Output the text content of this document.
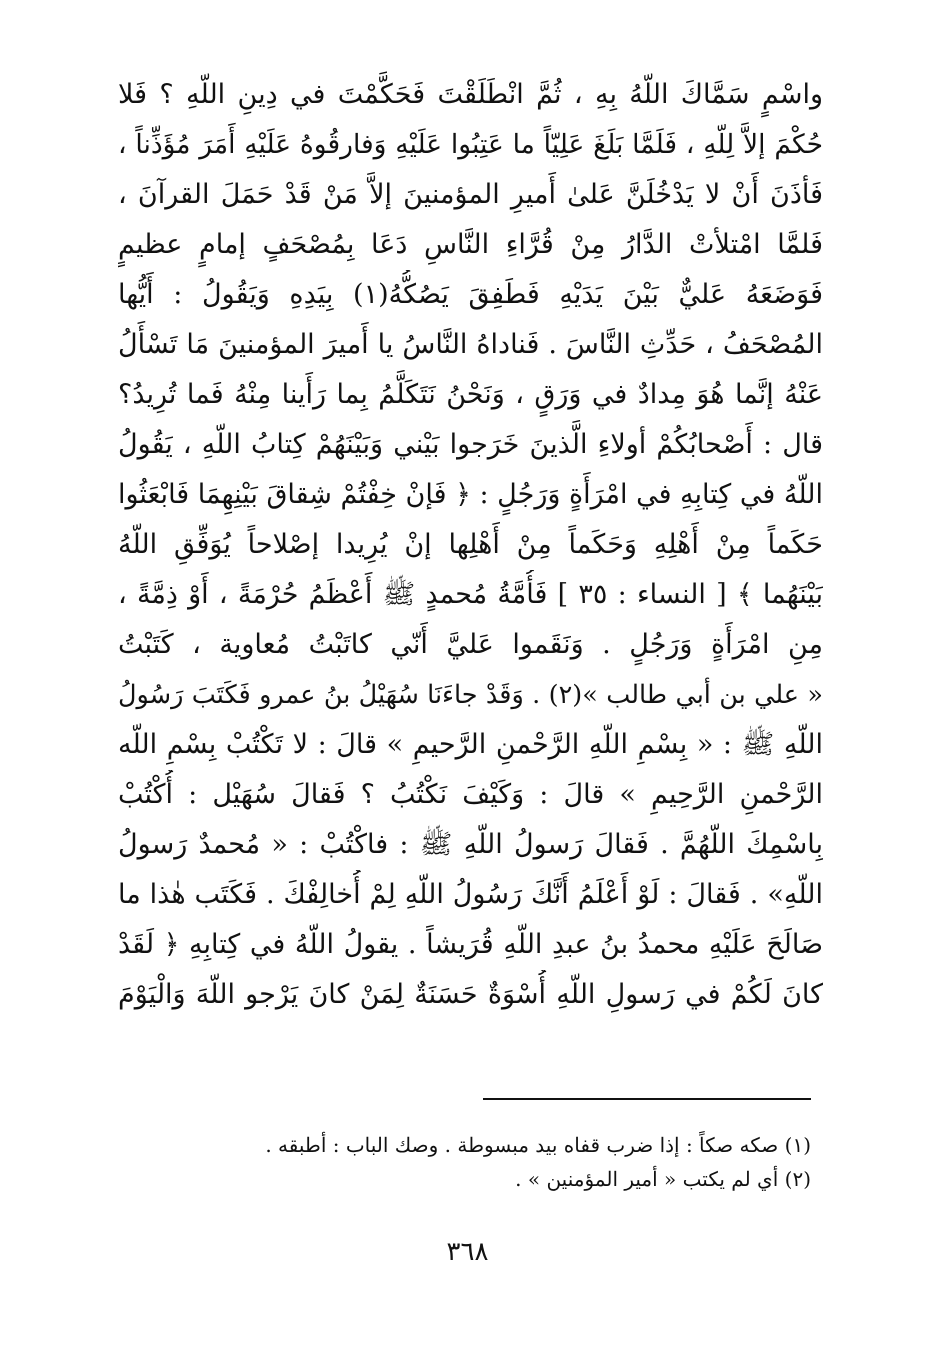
واسْمٍ سَمَّاكَ اللّهُ بِهِ ، ثُمَّ انْطَلَقْتَ فَحَكَّمْتَ في دِينِ اللّهِ ؟ فَلا
حُكْمَ إلاَّ لِلّهِ ، فَلَمَّا بَلَغَ عَلِيّاً ما عَتِبُوا عَلَيْهِ وَفارقُوهُ عَلَيْهِ أَمَرَ مُؤَذِّناً ،
فَأذَنَ أَنْ لا يَدْخُلَنَّ عَلىٰ أَميرِ المؤمنينَ إلاَّ مَنْ قَدْ حَمَلَ القرآنَ ،
فَلمَّا امْتلأتْ الدَّارُ مِنْ قُرَّاءِ النَّاسِ دَعَا بِمُصْحَفٍ إمامٍ عظيمٍ
فَوَضَعَهُ عَليٌّ بَيْنَ يَدَيْهِ فَطَفِقَ يَصُكُّهُ(١) بِيَدِهِ وَيَقُولُ : أَيُّها
المُصْحَفُ ، حَدِّثِ النَّاسَ . فَناداهُ النَّاسُ يا أَميرَ المؤمنينَ مَا تَسْأَلُ
عَنْهُ إنَّما هُوَ مِدادٌ في وَرَقٍ ، وَنَحْنُ نَتَكَلَّمُ بِما رَأَينا مِنْهُ فَما تُرِيدُ؟
قال : أَصْحابُكُمْ أولاءِ الَّذينَ خَرَجوا بَيْني وَبَيْنَهُمْ كِتابُ اللّهِ ، يَقُولُ
اللّهُ في كِتابِهِ في امْرَأَةٍ وَرَجُلٍ : ﴿ فَإنْ خِفْتُمْ شِقاقَ بَيْنِهِمَا فَابْعَثُوا
حَكَماً مِنْ أَهْلِهِ وَحَكَماً مِنْ أَهْلِها إنْ يُرِيدا إصْلاحاً يُوَفِّقِ اللّهُ
بَيْنَهُما ﴾ [ النساء : ٣٥ ] فَأُمَّةُ مُحمدٍ ﷺ أَعْظَمُ حُرْمَةً ، أَوْ ذِمَّةً ،
مِنِ امْرَأَةٍ وَرَجُلٍ . وَنَقَموا عَليَّ أَنّي كاتَبْتُ مُعاوية ، كَتَبْتُ
« علي بن أبي طالب »(٢) . وَقَدْ جاءَنَا سُهَيْلُ بنُ عمرو فَكَتَبَ رَسُولُ
اللّهِ ﷺ : « بِسْمِ اللّهِ الرَّحْمنِ الرَّحيمِ » قالَ : لا تَكْتُبْ بِسْمِ اللّه
الرَّحْمنِ الرَّحِيمِ » قالَ : وَكَيْفَ نَكْتُبُ ؟ فَقالَ سُهَيْل : أُكْتُبْ
بِاسْمِكَ اللّهُمَّ . فَقالَ رَسولُ اللّهِ ﷺ : فاكْتُبْ : « مُحمدٌ رَسولُ
اللّهِ» . فَقالَ : لَوْ أَعْلَمُ أَنَّكَ رَسُولُ اللّهِ لِمْ أُخالِفْكَ . فَكَتَب هٰذا ما
صَالَحَ عَلَيْهِ محمدُ بنُ عبدِ اللّهِ قُرَيشاً . يقولُ اللّهُ في كِتابِهِ ﴿ لَقَدْ
كانَ لَكُمْ في رَسولِ اللّهِ أُسْوَةٌ حَسَنَةٌ لِمَنْ كانَ يَرْجو اللّهَ وَالْيَوْمَ
(١) صكه صكاً : إذا ضرب قفاه بيد مبسوطة . وصك الباب : أطبقه .
(٢) أي لم يكتب « أمير المؤمنين » .
٣٦٨
